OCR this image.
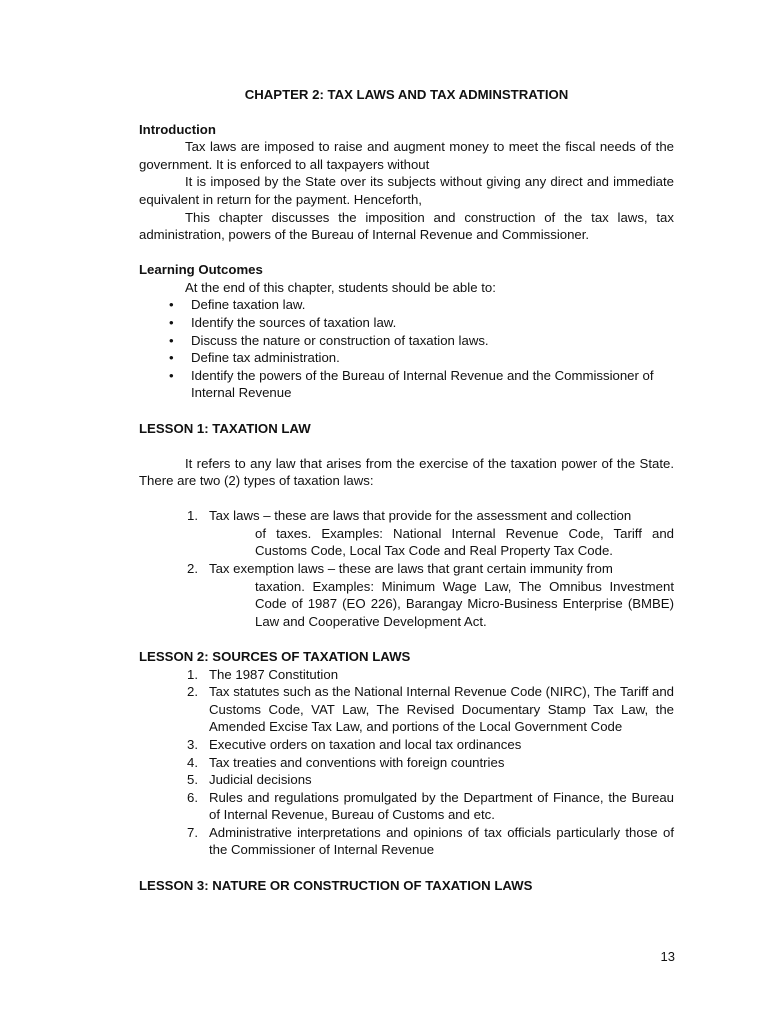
CHAPTER 2: TAX LAWS AND TAX ADMINSTRATION
Introduction

Tax laws are imposed to raise and augment money to meet the fiscal needs of the government. It is enforced to all taxpayers without

It is imposed by the State over its subjects without giving any direct and immediate equivalent in return for the payment. Henceforth,

This chapter discusses the imposition and construction of the tax laws, tax administration, powers of the Bureau of Internal Revenue and Commissioner.

Learning Outcomes

At the end of this chapter, students should be able to:

• Define taxation law.
• Identify the sources of taxation law.
• Discuss the nature or construction of taxation laws.
• Define tax administration.
• Identify the powers of the Bureau of Internal Revenue and the Commissioner of Internal Revenue
LESSON 1: TAXATION LAW

It refers to any law that arises from the exercise of the taxation power of the State. There are two (2) types of taxation laws:

1. Tax laws – these are laws that provide for the assessment and collection
of taxes. Examples: National Internal Revenue Code, Tariff and Customs Code, Local Tax Code and Real Property Tax Code.
2. Tax exemption laws – these are laws that grant certain immunity from
taxation. Examples: Minimum Wage Law, The Omnibus Investment Code of 1987 (EO 226), Barangay Micro-Business Enterprise (BMBE) Law and Cooperative Development Act.
LESSON 2: SOURCES OF TAXATION LAWS
1. The 1987 Constitution
2. Tax statutes such as the National Internal Revenue Code (NIRC), The Tariff and Customs Code, VAT Law, The Revised Documentary Stamp Tax Law, the Amended Excise Tax Law, and portions of the Local Government Code
3. Executive orders on taxation and local tax ordinances
4. Tax treaties and conventions with foreign countries
5. Judicial decisions
6. Rules and regulations promulgated by the Department of Finance, the Bureau of Internal Revenue, Bureau of Customs and etc.
7. Administrative interpretations and opinions of tax officials particularly those of the Commissioner of Internal Revenue
LESSON 3: NATURE OR CONSTRUCTION OF TAXATION LAWS
13
